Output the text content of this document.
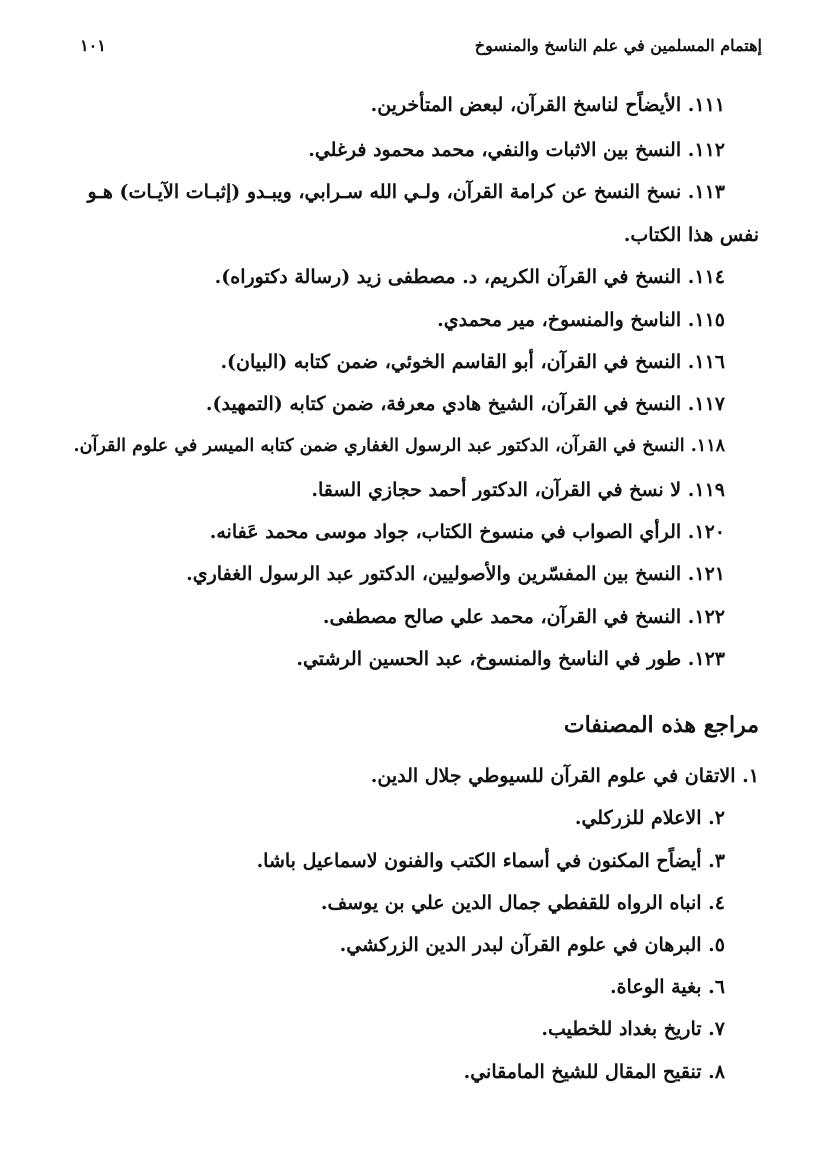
إهتمام المسلمين في علم الناسخ والمنسوخ
١٠١
١١١. الأيضاًح لناسخ القرآن، لبعض المتأخرين.
١١٢. النسخ بين الاثبات والنفي، محمد محمود فرغلي.
١١٣. نسخ النسخ عن كرامة القرآن، ولـي الله سـرابي، ويبـدو (إثبـات الآيـات) هـو
نفس هذا الكتاب.
١١٤. النسخ في القرآن الكريم، د. مصطفى زيد (رسالة دكتوراه).
١١٥. الناسخ والمنسوخ، مير محمدي.
١١٦. النسخ في القرآن، أبو القاسم الخوئي، ضمن كتابه (البيان).
١١٧. النسخ في القرآن، الشيخ هادي معرفة، ضمن كتابه (التمهيد).
١١٨. النسخ في القرآن، الدكتور عبد الرسول الغفاري ضمن كتابه الميسر في علوم القرآن.
١١٩. لا نسخ في القرآن، الدكتور أحمد حجازي السقا.
١٢٠. الرأي الصواب في منسوخ الكتاب، جواد موسى محمد عَفانه.
١٢١. النسخ بين المفسّرين والأصوليين، الدكتور عبد الرسول الغفاري.
١٢٢. النسخ في القرآن، محمد علي صالح مصطفى.
١٢٣. طور في الناسخ والمنسوخ، عبد الحسين الرشتي.
مراجع هذه المصنفات
١. الاتقان في علوم القرآن للسيوطي جلال الدين.
٢. الاعلام للزركلي.
٣. أيضاًح المكنون في أسماء الكتب والفنون لاسماعيل باشا.
٤. انباه الرواه للقفطي جمال الدين علي بن يوسف.
٥. البرهان في علوم القرآن لبدر الدين الزركشي.
٦. بغية الوعاة.
٧. تاريخ بغداد للخطيب.
٨. تنقيح المقال للشيخ المامقاني.
